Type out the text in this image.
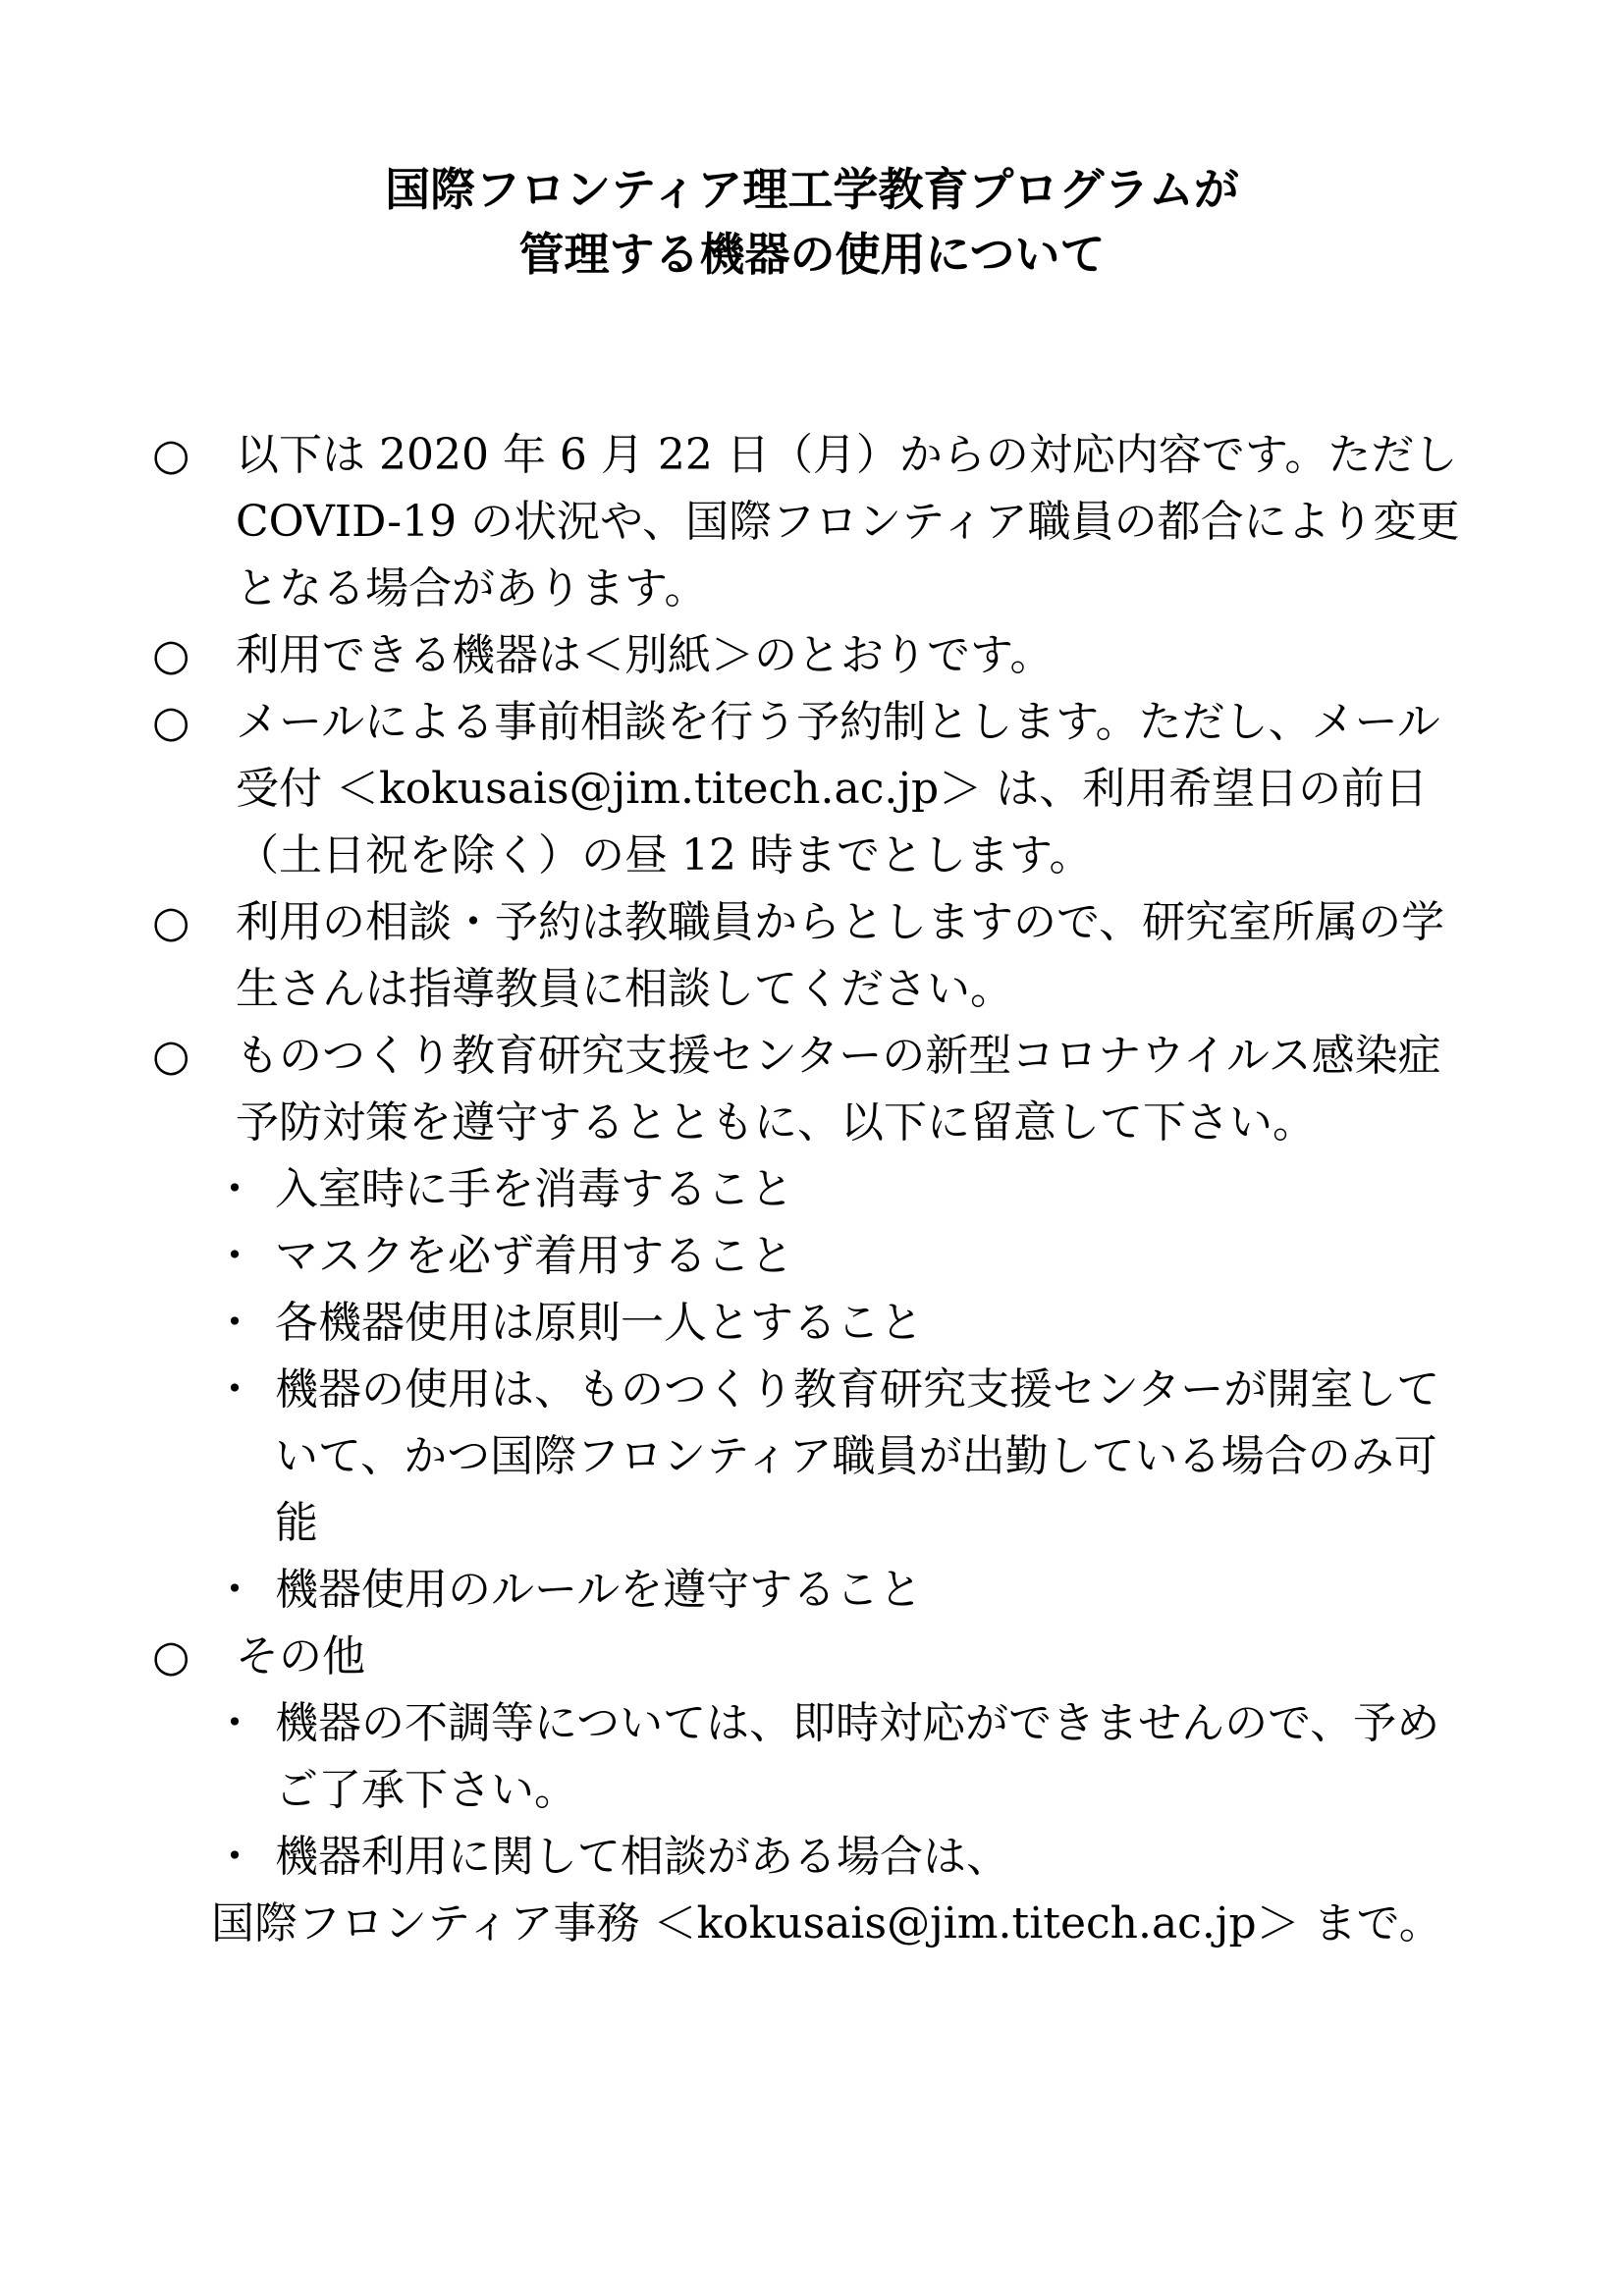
国際フロンティア理工学教育プログラムが
管理する機器の使用について
○	以下は 2020 年 6 月 22 日（月）からの対応内容です。ただし COVID-19 の状況や、国際フロンティア職員の都合により変更となる場合があります。
○	利用できる機器は＜別紙＞のとおりです。
○	メールによる事前相談を行う予約制とします。ただし、メール受付 ＜kokusais@jim.titech.ac.jp＞ は、利用希望日の前日（土日祝を除く）の昼 12 時までとします。
○	利用の相談・予約は教職員からとしますので、研究室所属の学生さんは指導教員に相談してください。
○	ものつくり教育研究支援センターの新型コロナウイルス感染症予防対策を遵守するとともに、以下に留意して下さい。
・ 入室時に手を消毒すること
・ マスクを必ず着用すること
・ 各機器使用は原則一人とすること
・ 機器の使用は、ものつくり教育研究支援センターが開室していて、かつ国際フロンティア職員が出勤している場合のみ可能
・ 機器使用のルールを遵守すること
○	その他
・ 機器の不調等については、即時対応ができませんので、予めご了承下さい。
・ 機器利用に関して相談がある場合は、
国際フロンティア事務 ＜kokusais@jim.titech.ac.jp＞ まで。
